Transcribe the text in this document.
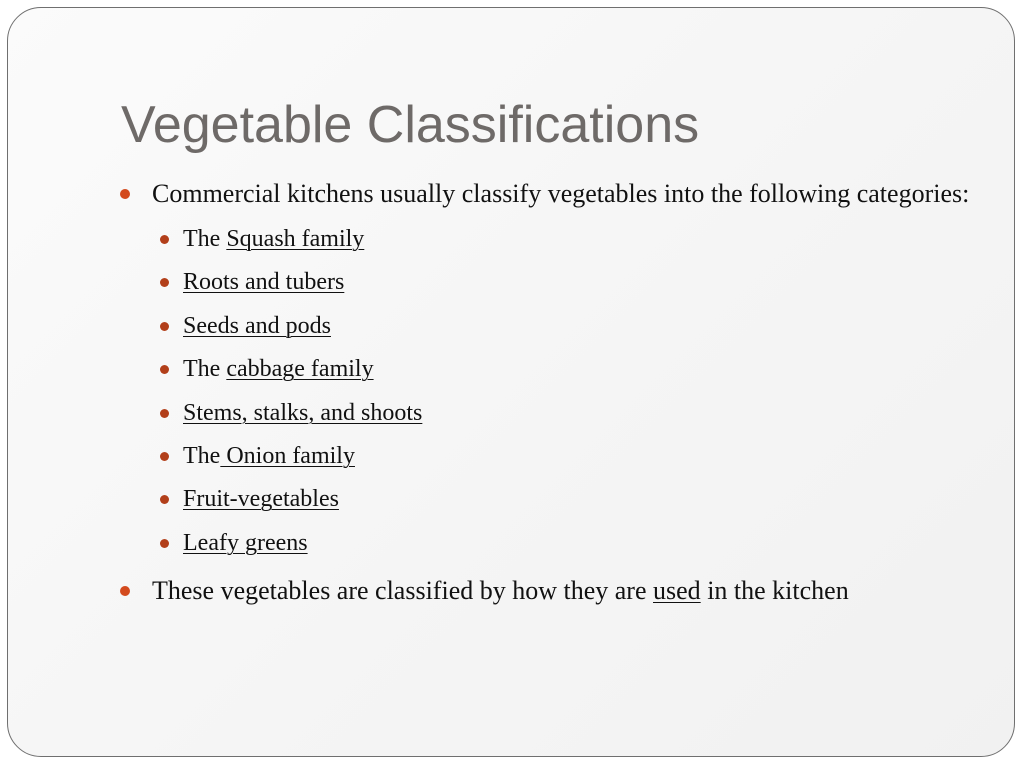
Vegetable Classifications
Commercial kitchens usually classify vegetables into the following categories:
The Squash family
Roots and tubers
Seeds and pods
The cabbage family
Stems, stalks, and shoots
The Onion family
Fruit-vegetables
Leafy greens
These vegetables are classified by how they are used in the kitchen
